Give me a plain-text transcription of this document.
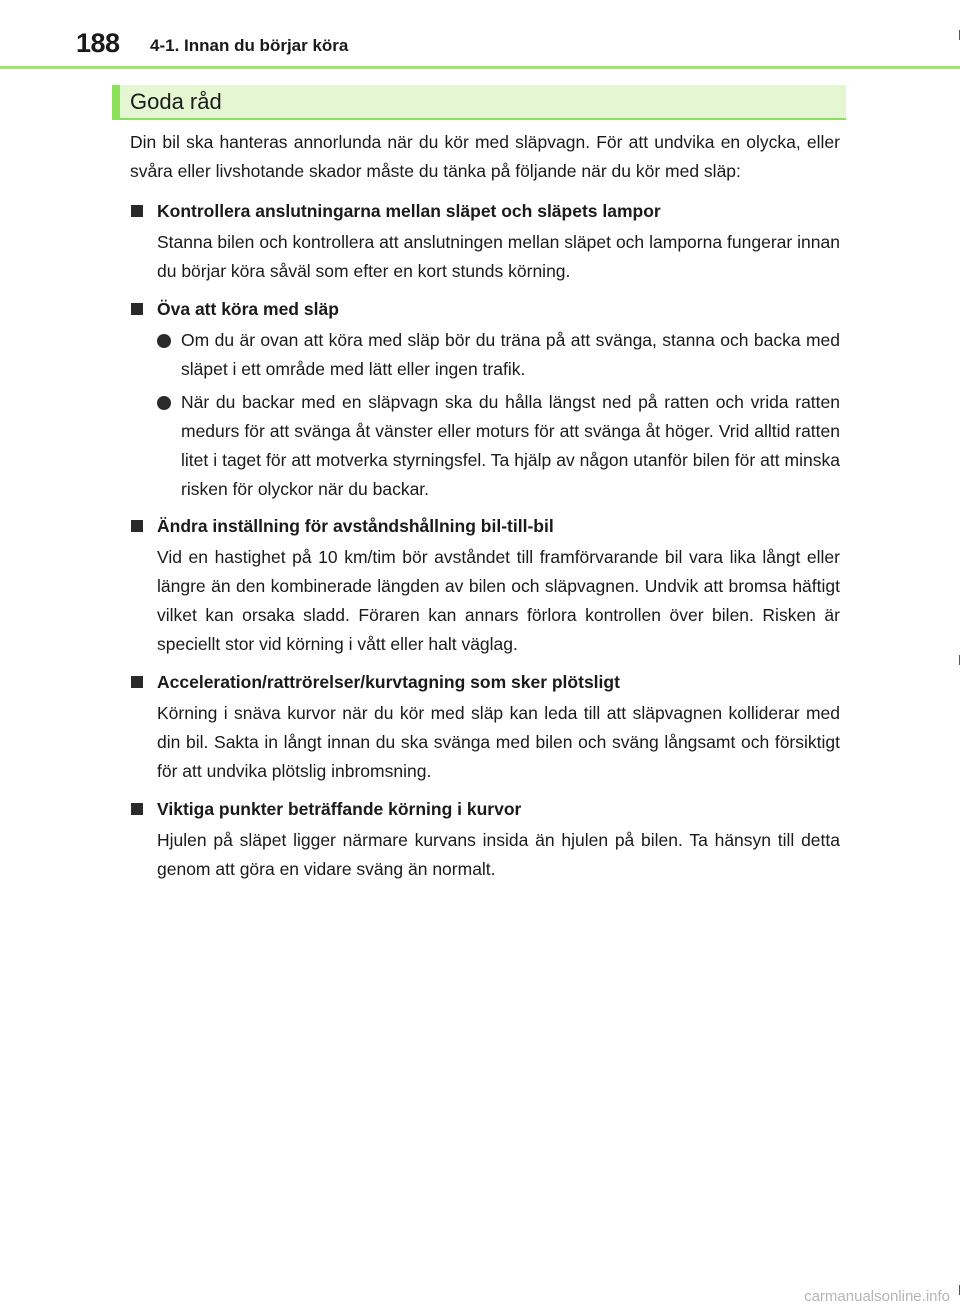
188 4-1. Innan du börjar köra
Goda råd

Din bil ska hanteras annorlunda när du kör med släpvagn. För att undvika en olycka, eller svåra eller livshotande skador måste du tänka på följande när du kör med släp:

Kontrollera anslutningarna mellan släpet och släpets lampor

Stanna bilen och kontrollera att anslutningen mellan släpet och lamporna fungerar innan du börjar köra såväl som efter en kort stunds körning.

Öva att köra med släp

Om du är ovan att köra med släp bör du träna på att svänga, stanna och backa med släpet i ett område med lätt eller ingen trafik.

När du backar med en släpvagn ska du hålla längst ned på ratten och vrida ratten medurs för att svänga åt vänster eller moturs för att svänga åt höger. Vrid alltid ratten litet i taget för att motverka styrningsfel. Ta hjälp av någon utanför bilen för att minska risken för olyckor när du backar.

Ändra inställning för avståndshållning bil-till-bil

Vid en hastighet på 10 km/tim bör avståndet till framförvarande bil vara lika långt eller längre än den kombinerade längden av bilen och släpvagnen. Undvik att bromsa häftigt vilket kan orsaka sladd. Föraren kan annars förlora kontrollen över bilen. Risken är speciellt stor vid körning i vått eller halt väglag.

Acceleration/rattrörelser/kurvtagning som sker plötsligt

Körning i snäva kurvor när du kör med släp kan leda till att släpvagnen kolliderar med din bil. Sakta in långt innan du ska svänga med bilen och sväng långsamt och försiktigt för att undvika plötslig inbromsning.

Viktiga punkter beträffande körning i kurvor

Hjulen på släpet ligger närmare kurvans insida än hjulen på bilen. Ta hänsyn till detta genom att göra en vidare sväng än normalt.

carmanualsonline.info
